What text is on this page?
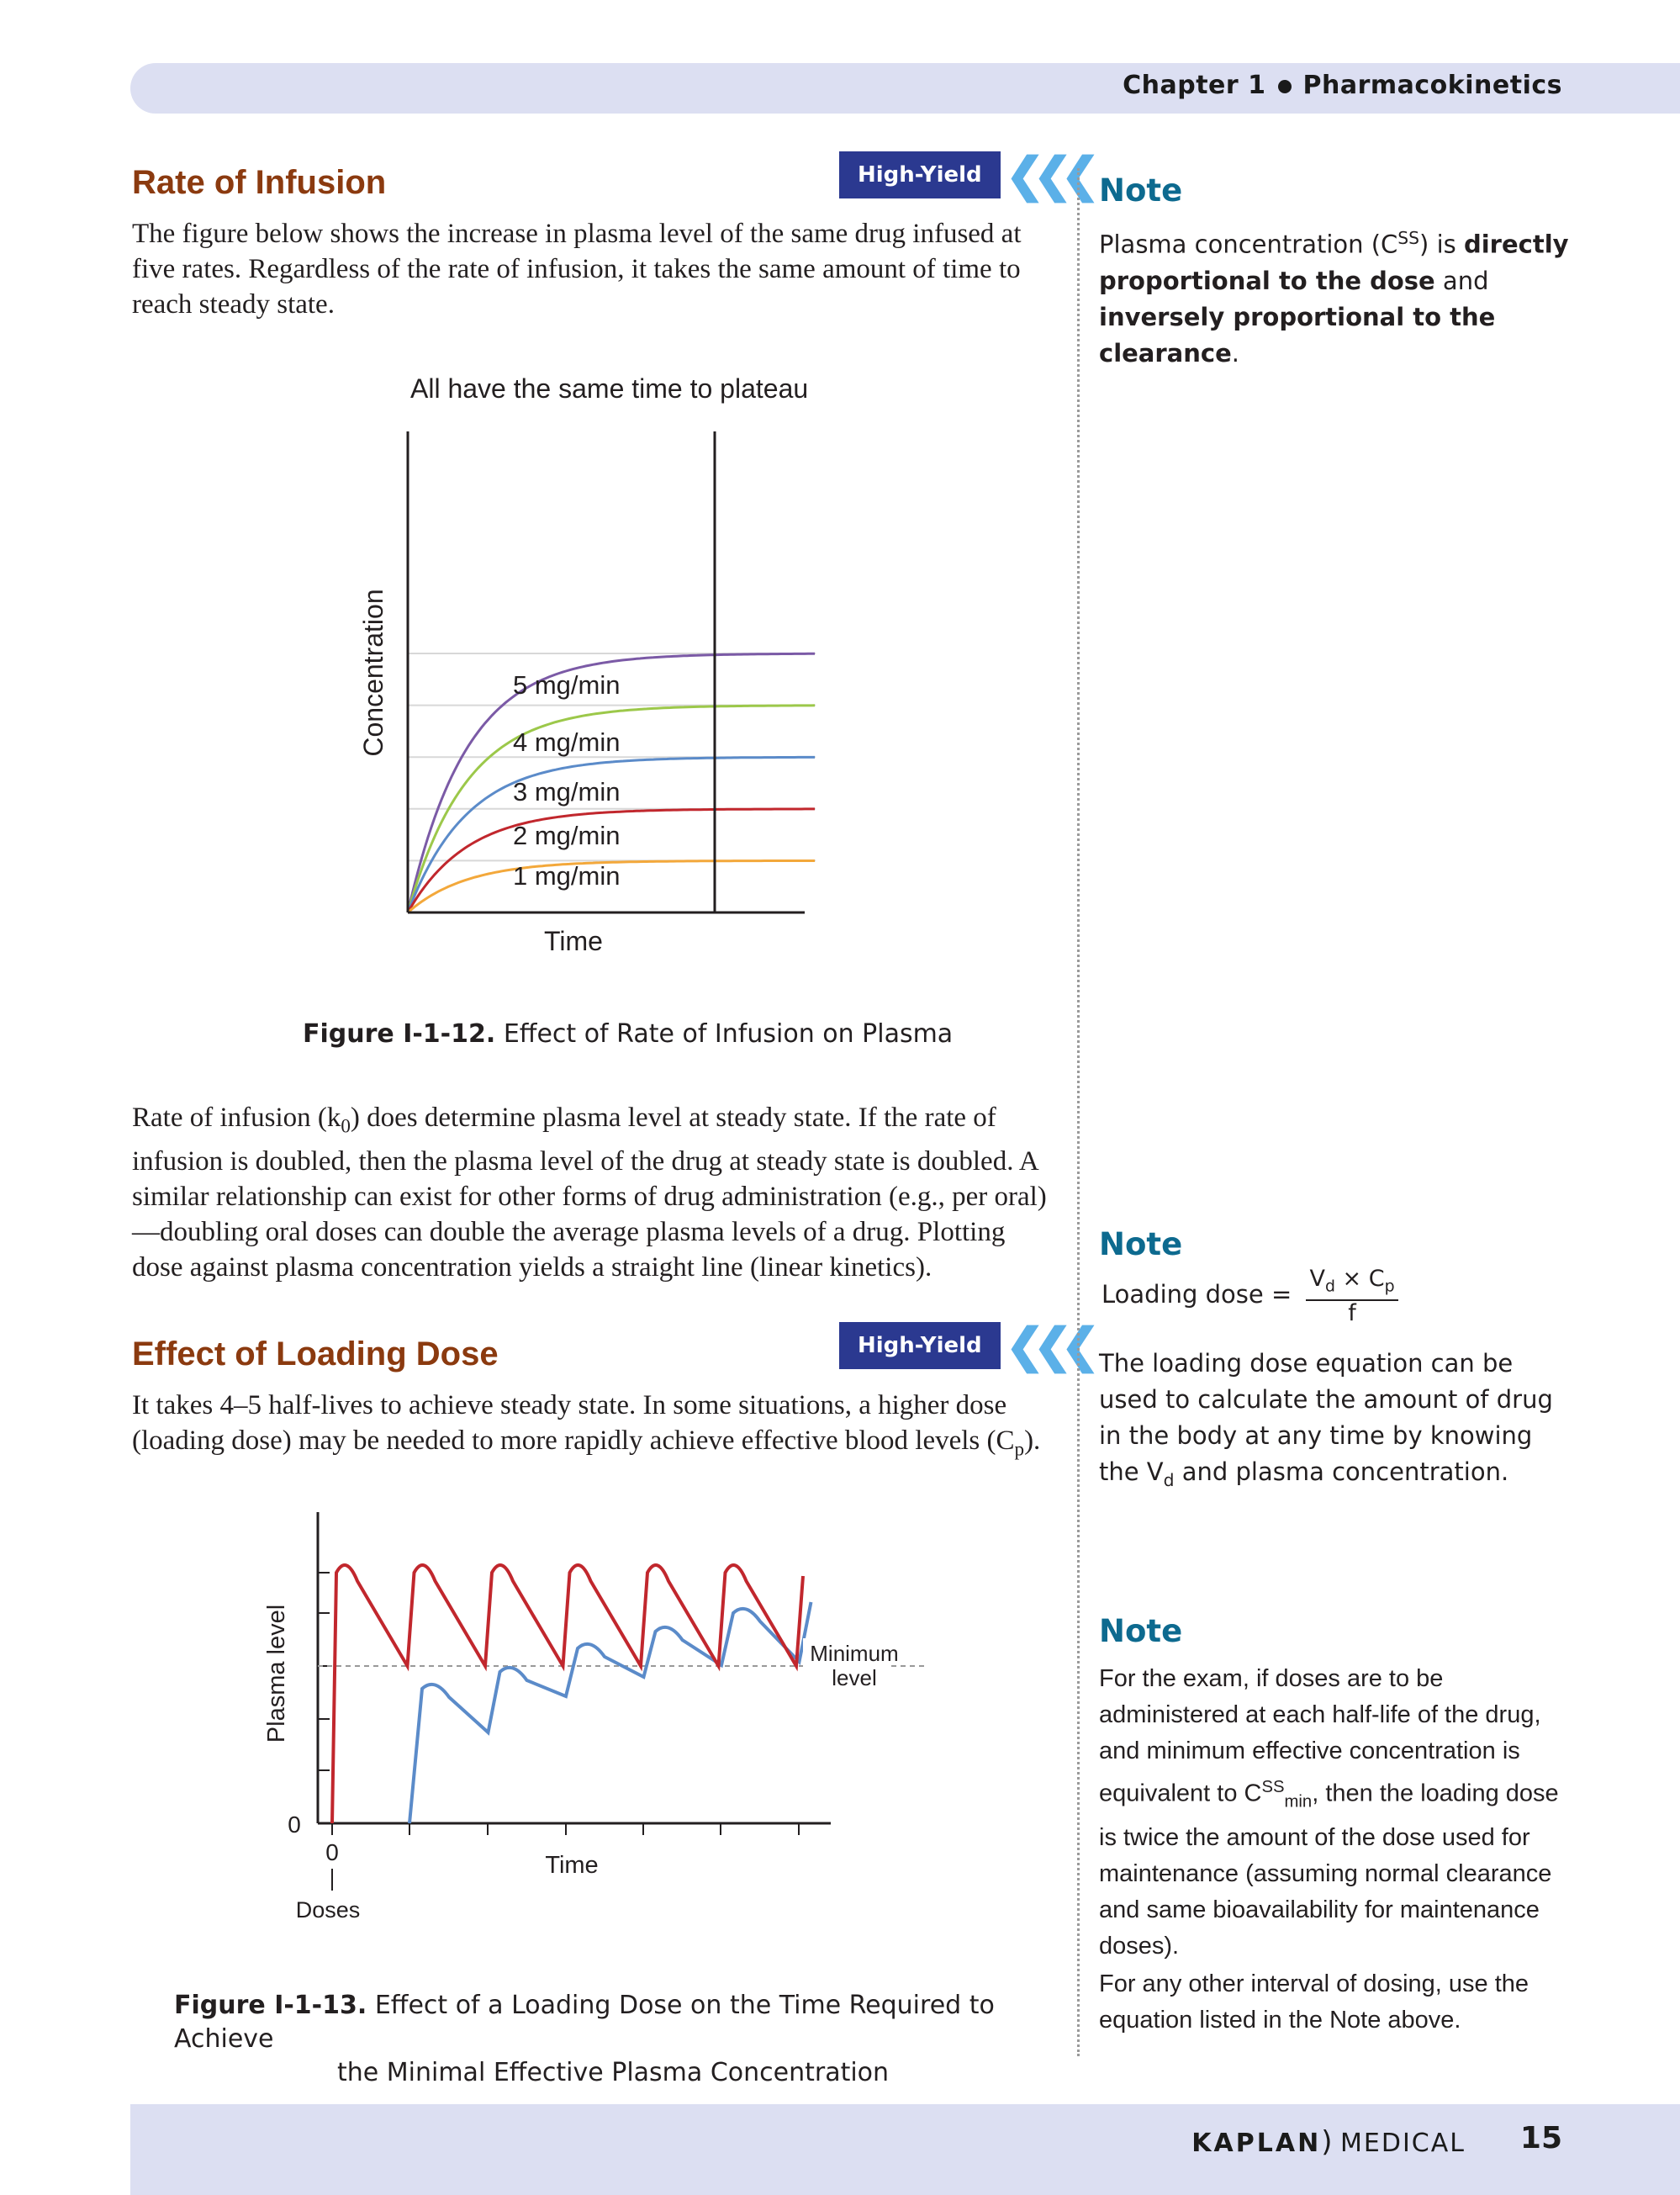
Chapter 1 Pharmacokinetics
Rate of Infusion	High-Yield ❮❮❮
The figure below shows the increase in plasma level of the same drug infused at five rates. Regardless of the rate of infusion, it takes the same amount of time to reach steady state.
All have the same time to plateau
5 mg/min
4 mg/min
3 mg/min
2 mg/min
1 mg/min
Time
Concentration
Figure I-1-12. Effect of Rate of Infusion on Plasma
Rate of infusion $(k_0)$ does determine plasma level at steady state. If the rate of infusion is doubled, then the plasma level of the drug at steady state is doubled. A similar relationship can exist for other forms of drug administration (e.g., per oral)—doubling oral doses can double the average plasma levels of a drug. Plotting dose against plasma concentration yields a straight line (linear kinetics).
Effect of Loading Dose	High-Yield ❮❮❮
It takes 4–5 half-lives to achieve steady state. In some situations, a higher dose (loading dose) may be needed to more rapidly achieve effective blood levels $(C_p)$.
Minimum
level
0
0
Doses
Time
Plasma level
Figure I-1-13. Effect of a Loading Dose on the Time Required to Achieve
the Minimal Effective Plasma Concentration
Note
Plasma concentration $(C^{SS})$ is directly proportional to the dose and inversely proportional to the clearance.
Note
Loading dose = $\frac{V_d \times C_p}{f}$
The loading dose equation can be used to calculate the amount of drug in the body at any time by knowing the $V_d$ and plasma concentration.
Note
For the exam, if doses are to be administered at each half-life of the drug, and minimum effective concentration is equivalent to $C^{SS}_{min}$, then the loading dose is twice the amount of the dose used for maintenance (assuming normal clearance and same bioavailability for maintenance doses).
For any other interval of dosing, use the equation listed in the Note above.
KAPLAN) MEDICAL 15
